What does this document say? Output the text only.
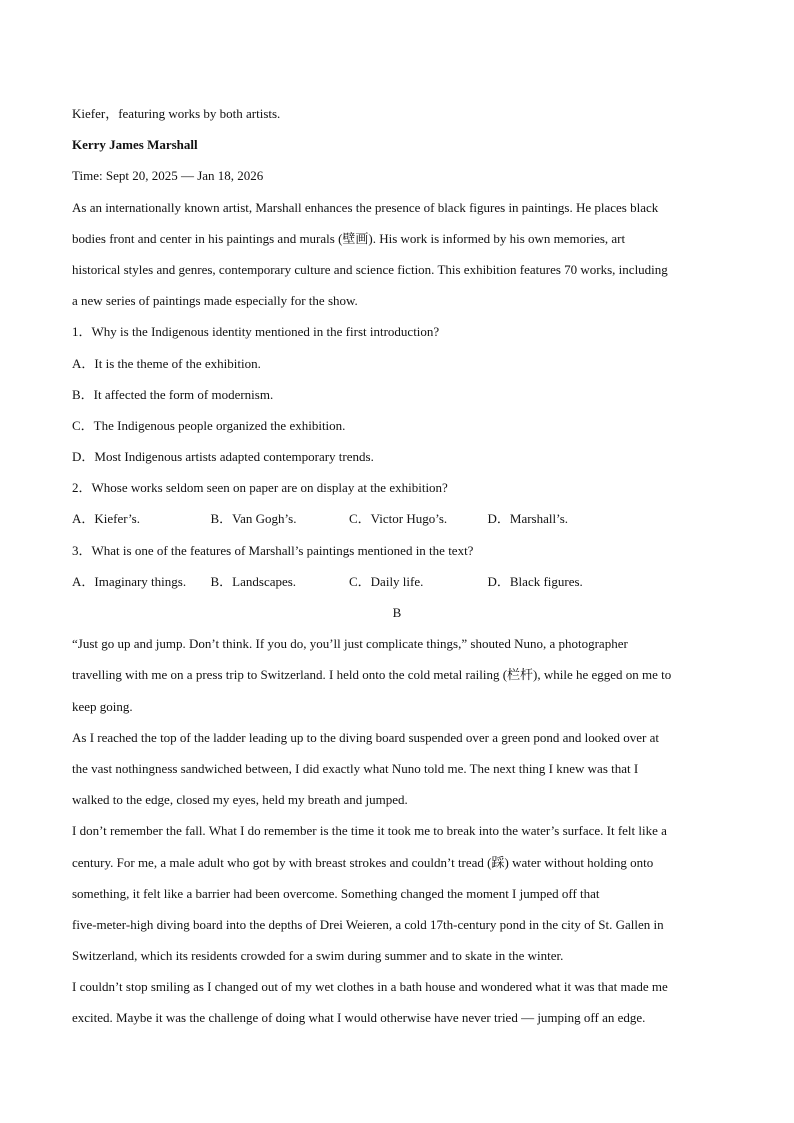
Kiefer，featuring works by both artists.
Kerry James Marshall
Time: Sept 20, 2025 — Jan 18, 2026
As an internationally known artist, Marshall enhances the presence of black figures in paintings. He places black
bodies front and center in his paintings and murals (壁画). His work is informed by his own memories, art
historical styles and genres, contemporary culture and science fiction. This exhibition features 70 works, including
a new series of paintings made especially for the show.
1．Why is the Indigenous identity mentioned in the first introduction?
A．It is the theme of the exhibition.
B．It affected the form of modernism.
C．The Indigenous people organized the exhibition.
D．Most Indigenous artists adapted contemporary trends.
2．Whose works seldom seen on paper are on display at the exhibition?
A．Kiefer’s.	B．Van Gogh’s.	C．Victor Hugo’s.	D．Marshall’s.
3．What is one of the features of Marshall’s paintings mentioned in the text?
A．Imaginary things.	B．Landscapes.	C．Daily life.	D．Black figures.
B
“Just go up and jump. Don’t think. If you do, you’ll just complicate things,” shouted Nuno, a photographer
travelling with me on a press trip to Switzerland. I held onto the cold metal railing (栏杆), while he egged on me to
keep going.
As I reached the top of the ladder leading up to the diving board suspended over a green pond and looked over at
the vast nothingness sandwiched between, I did exactly what Nuno told me. The next thing I knew was that I
walked to the edge, closed my eyes, held my breath and jumped.
I don’t remember the fall. What I do remember is the time it took me to break into the water’s surface. It felt like a
century. For me, a male adult who got by with breast strokes and couldn’t tread (踩) water without holding onto
something, it felt like a barrier had been overcome. Something changed the moment I jumped off that
five-meter-high diving board into the depths of Drei Weieren, a cold 17th-century pond in the city of St. Gallen in
Switzerland, which its residents crowded for a swim during summer and to skate in the winter.
I couldn’t stop smiling as I changed out of my wet clothes in a bath house and wondered what it was that made me
excited. Maybe it was the challenge of doing what I would otherwise have never tried — jumping off an edge.
